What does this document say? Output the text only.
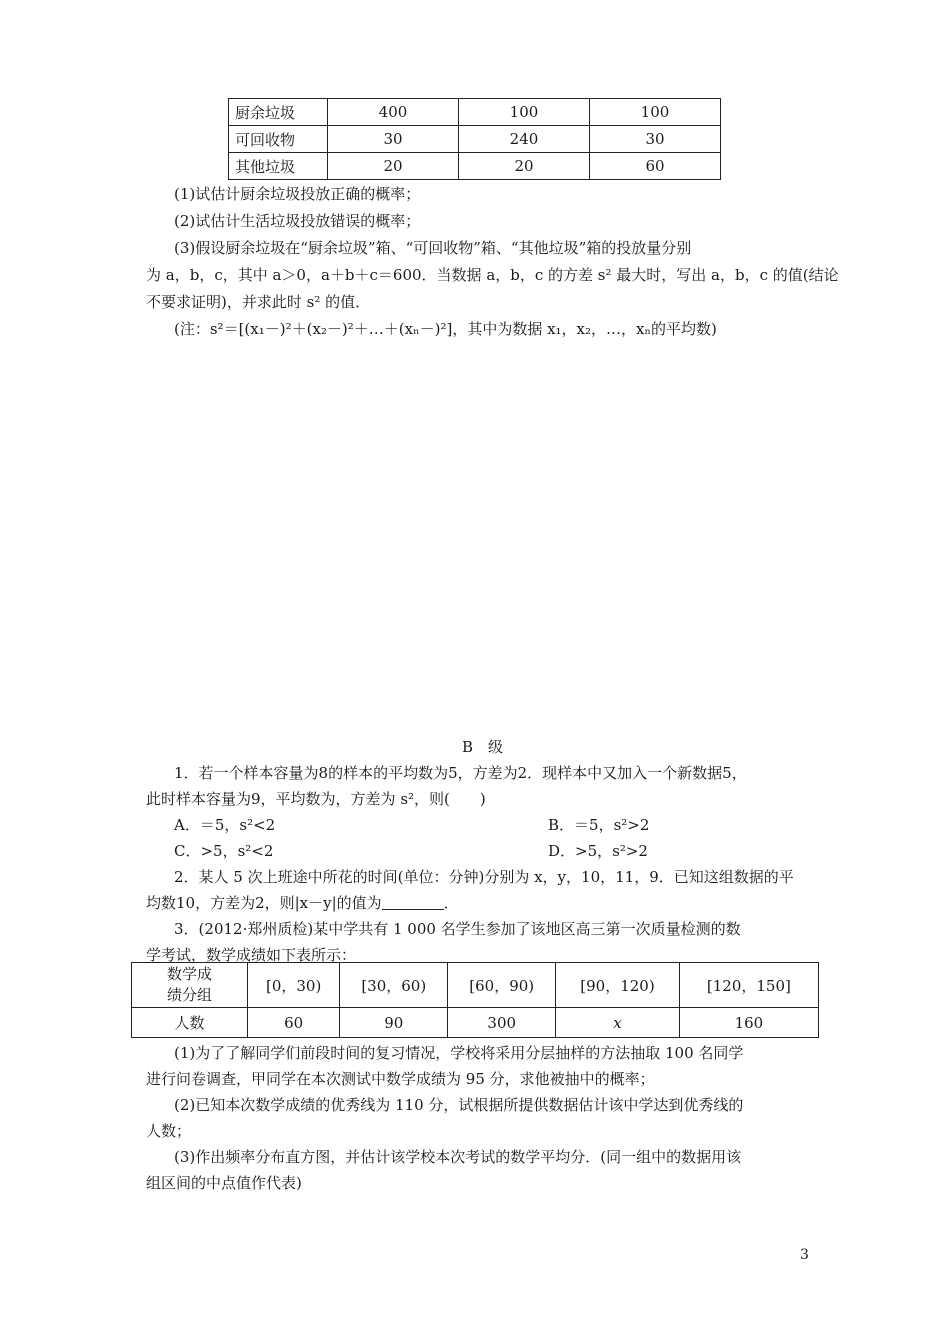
厨余垃圾	400	100	100
可回收物	30	240	30
其他垃圾	20	20	60
(1)试估计厨余垃圾投放正确的概率；
(2)试估计生活垃圾投放错误的概率；
(3)假设厨余垃圾在“厨余垃圾”箱、“可回收物”箱、“其他垃圾”箱的投放量分别
为 a，b，c，其中 a＞0，a＋b＋c＝600．当数据 a，b，c 的方差 s² 最大时，写出 a，b，c 的值(结论
不要求证明)，并求此时 s² 的值．
(注：s²＝[(x₁－)²＋(x₂－)²＋…＋(xₙ－)²]，其中为数据 x₁，x₂，…，xₙ的平均数)
B　级
1．若一个样本容量为8的样本的平均数为5，方差为2．现样本中又加入一个新数据5，
此时样本容量为9，平均数为，方差为 s²，则(　　)
A．＝5，s²<2	B．＝5，s²>2
C．>5，s²<2	D．>5，s²>2
2．某人 5 次上班途中所花的时间(单位：分钟)分别为 x，y，10，11，9．已知这组数据的平
均数10，方差为2，则|x－y|的值为	．
3．(2012·郑州质检)某中学共有 1 000 名学生参加了该地区高三第一次质量检测的数
学考试，数学成绩如下表所示：
数学成
绩分组	[0，30)	[30，60)	[60，90)	[90，120)	[120，150]
人数	60	90	300	x	160
(1)为了了解同学们前段时间的复习情况，学校将采用分层抽样的方法抽取 100 名同学
进行问卷调查，甲同学在本次测试中数学成绩为 95 分，求他被抽中的概率；
(2)已知本次数学成绩的优秀线为 110 分，试根据所提供数据估计该中学达到优秀线的
人数；
(3)作出频率分布直方图，并估计该学校本次考试的数学平均分．(同一组中的数据用该
组区间的中点值作代表)
3
